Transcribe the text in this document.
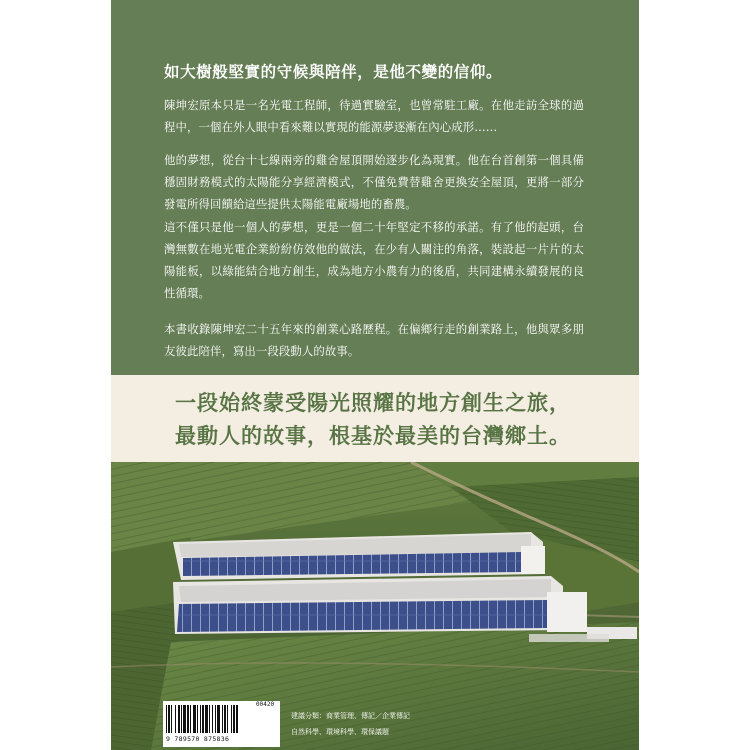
如大樹般堅實的守候與陪伴，是他不變的信仰。
陳坤宏原本只是一名光電工程師，待過實驗室，也曾常駐工廠。在他走訪全球的過程中，一個在外人眼中看來難以實現的能源夢逐漸在內心成形……
他的夢想，從台十七線兩旁的雞舍屋頂開始逐步化為現實。他在台首創第一個具備穩固財務模式的太陽能分享經濟模式，不僅免費替雞舍更換安全屋頂，更將一部分發電所得回饋給這些提供太陽能電廠場地的畜農。
這不僅只是他一個人的夢想，更是一個二十年堅定不移的承諾。有了他的起頭，台灣無數在地光電企業紛紛仿效他的做法，在少有人關注的角落，裝設起一片片的太陽能板，以綠能結合地方創生，成為地方小農有力的後盾，共同建構永續發展的良性循環。
本書收錄陳坤宏二十五年來的創業心路歷程。在偏鄉行走的創業路上，他與眾多朋友彼此陪伴，寫出一段段動人的故事。
一段始終蒙受陽光照耀的地方創生之旅，
最動人的故事，根基於最美的台灣鄉土。
00420
9 789570 875836
建議分類：商業管理、傳記／企業傳記
自然科學、環境科學、環保議題
